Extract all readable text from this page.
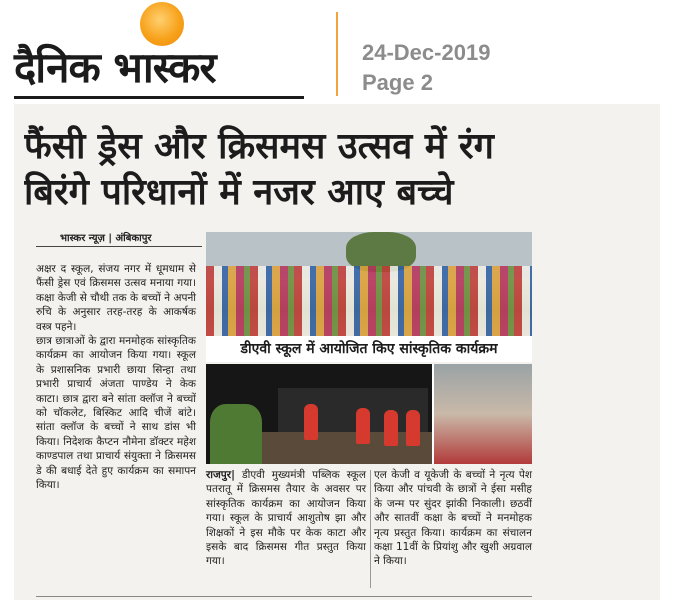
दैनिक भास्कर	24-Dec-2019
Page 2
फैंसी ड्रेस और क्रिसमस उत्सव में रंग
बिरंगे परिधानों में नजर आए बच्चे
भास्कर न्यूज़ | अंबिकापुर

अक्षर द स्कूल, संजय नगर में धूमधाम से फैंसी ड्रेस एवं क्रिसमस उत्सव मनाया गया। कक्षा केजी से चौथी तक के बच्चों ने अपनी रुचि के अनुसार तरह-तरह के आकर्षक वस्त्र पहने।

छात्र छात्राओं के द्वारा मनमोहक सांस्कृतिक कार्यक्रम का आयोजन किया गया। स्कूल के प्रशासनिक प्रभारी छाया सिन्हा तथा प्रभारी प्राचार्य अंजता पाण्डेय ने केक काटा। छात्र द्वारा बने सांता क्लॉज ने बच्चों को चॉकलेट, बिस्किट आदि चीजें बांटे। सांता क्लॉज के बच्चों ने साथ डांस भी किया। निदेशक कैप्टन नौमेना डॉक्टर महेश काण्डपाल तथा प्राचार्य संयुक्ता ने क्रिसमस डे की बधाई देते हुए कार्यक्रम का समापन किया।

डीएवी स्कूल में आयोजित किए सांस्कृतिक कार्यक्रम
राजपुर| डीएवी मुख्यमंत्री पब्लिक स्कूल पतरातू में क्रिसमस तैयार के अवसर पर सांस्कृतिक कार्यक्रम का आयोजन किया गया। स्कूल के प्राचार्य आशुतोष झा और शिक्षकों ने इस मौके पर केक काटा और इसके बाद क्रिसमस गीत प्रस्तुत किया गया।
एल केजी व यूकेजी के बच्चों ने नृत्य पेश किया और पांचवी के छात्रों ने ईसा मसीह के जन्म पर सुंदर झांकी निकाली। छठवीं और सातवीं कक्षा के बच्चों ने मनमोहक नृत्य प्रस्तुत किया। कार्यक्रम का संचालन कक्षा 11वीं के प्रियांशु और खुशी अग्रवाल ने किया।
